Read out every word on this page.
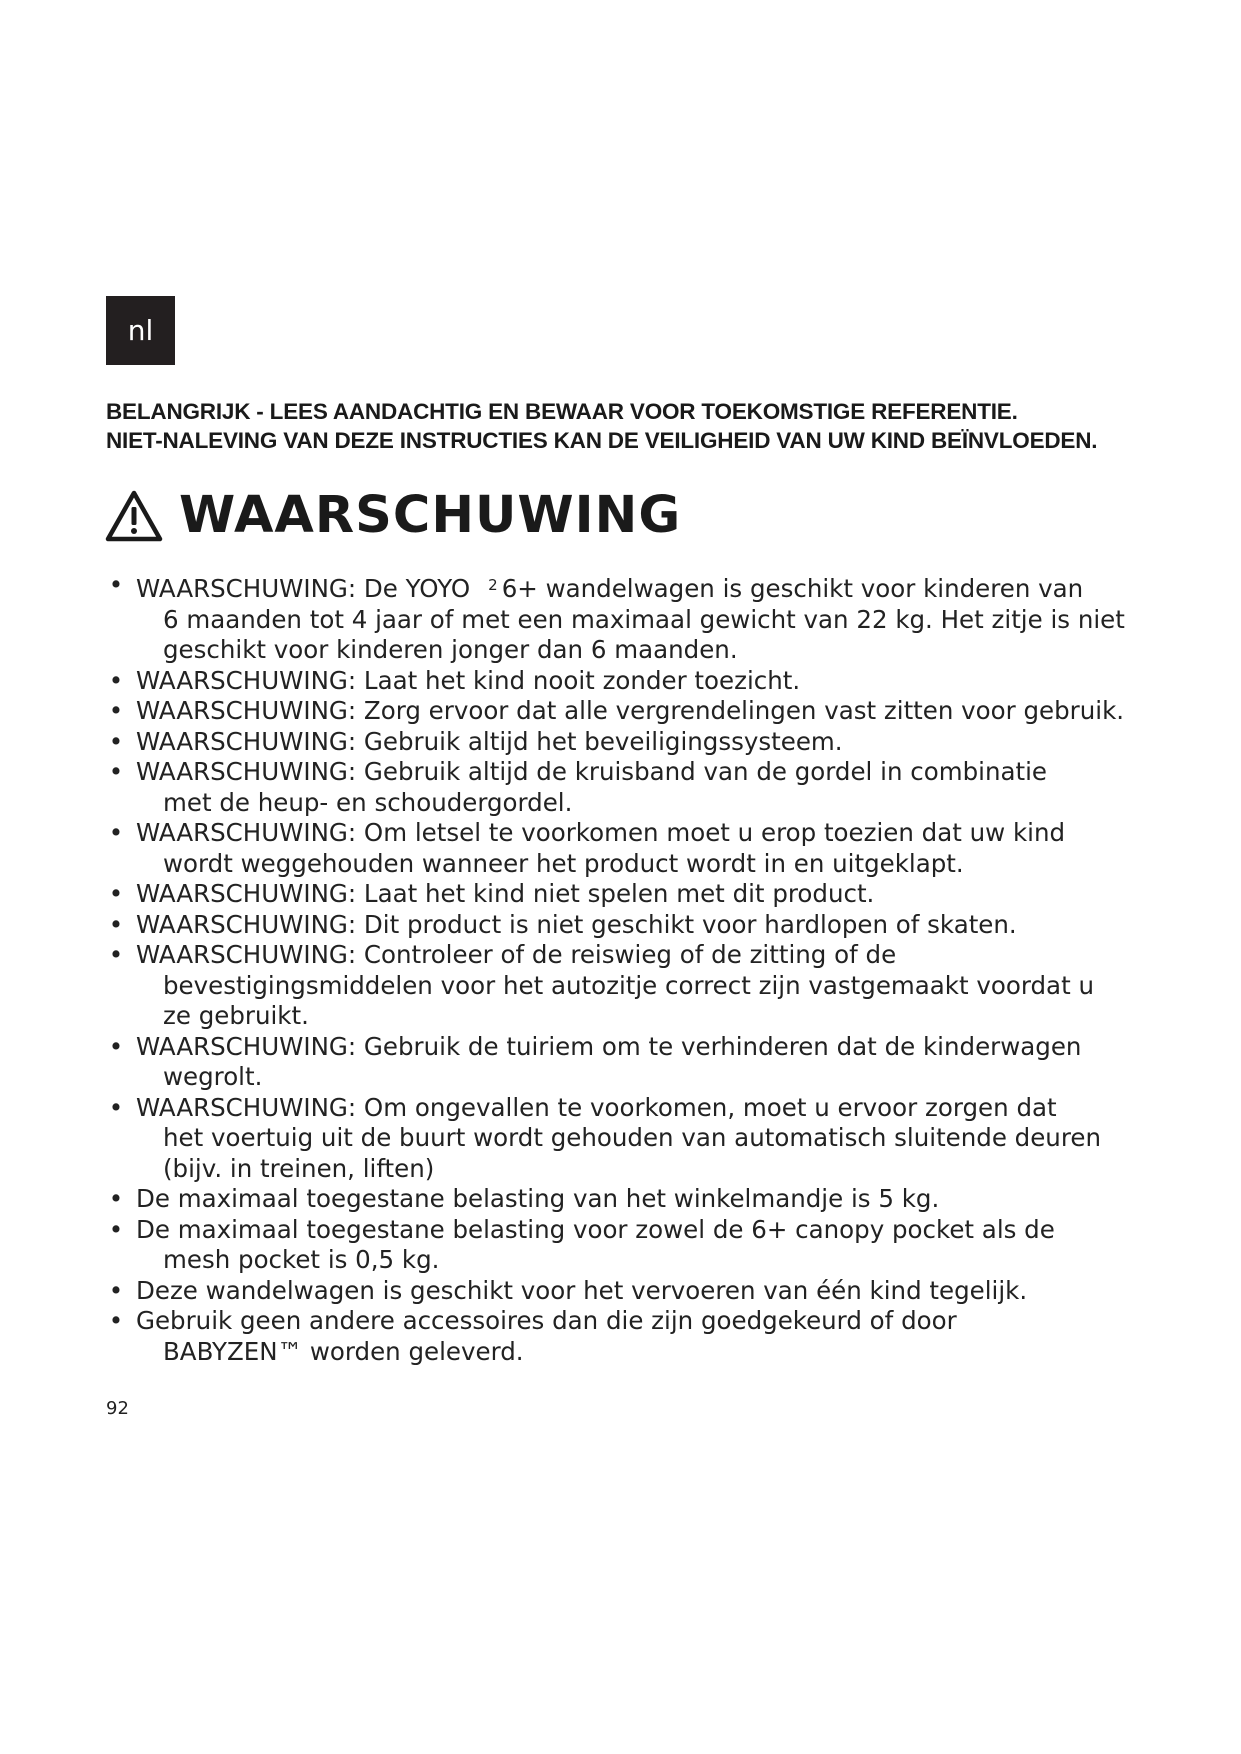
nl
BELANGRIJK - LEES AANDACHTIG EN BEWAAR VOOR TOEKOMSTIGE REFERENTIE.
NIET-NALEVING VAN DEZE INSTRUCTIES KAN DE VEILIGHEID VAN UW KIND BEÏNVLOEDEN.
WAARSCHUWING
• WAARSCHUWING: De YOYO $^2$ 6+ wandelwagen is geschikt voor kinderen van
6 maanden tot 4 jaar of met een maximaal gewicht van 22 kg. Het zitje is niet
geschikt voor kinderen jonger dan 6 maanden.
• WAARSCHUWING: Laat het kind nooit zonder toezicht.
• WAARSCHUWING: Zorg ervoor dat alle vergrendelingen vast zitten voor gebruik.
• WAARSCHUWING: Gebruik altijd het beveiligingssysteem.
• WAARSCHUWING: Gebruik altijd de kruisband van de gordel in combinatie
met de heup- en schoudergordel.
• WAARSCHUWING: Om letsel te voorkomen moet u erop toezien dat uw kind
wordt weggehouden wanneer het product wordt in en uitgeklapt.
• WAARSCHUWING: Laat het kind niet spelen met dit product.
• WAARSCHUWING: Dit product is niet geschikt voor hardlopen of skaten.
• WAARSCHUWING: Controleer of de reiswieg of de zitting of de
bevestigingsmiddelen voor het autozitje correct zijn vastgemaakt voordat u
ze gebruikt.
• WAARSCHUWING: Gebruik de tuiriem om te verhinderen dat de kinderwagen
wegrolt.
• WAARSCHUWING: Om ongevallen te voorkomen, moet u ervoor zorgen dat
het voertuig uit de buurt wordt gehouden van automatisch sluitende deuren
(bijv. in treinen, liften)
• De maximaal toegestane belasting van het winkelmandje is 5 kg.
• De maximaal toegestane belasting voor zowel de 6+ canopy pocket als de
mesh pocket is 0,5 kg.
• Deze wandelwagen is geschikt voor het vervoeren van één kind tegelijk.
• Gebruik geen andere accessoires dan die zijn goedgekeurd of door
BABYZEN™ worden geleverd.
92
